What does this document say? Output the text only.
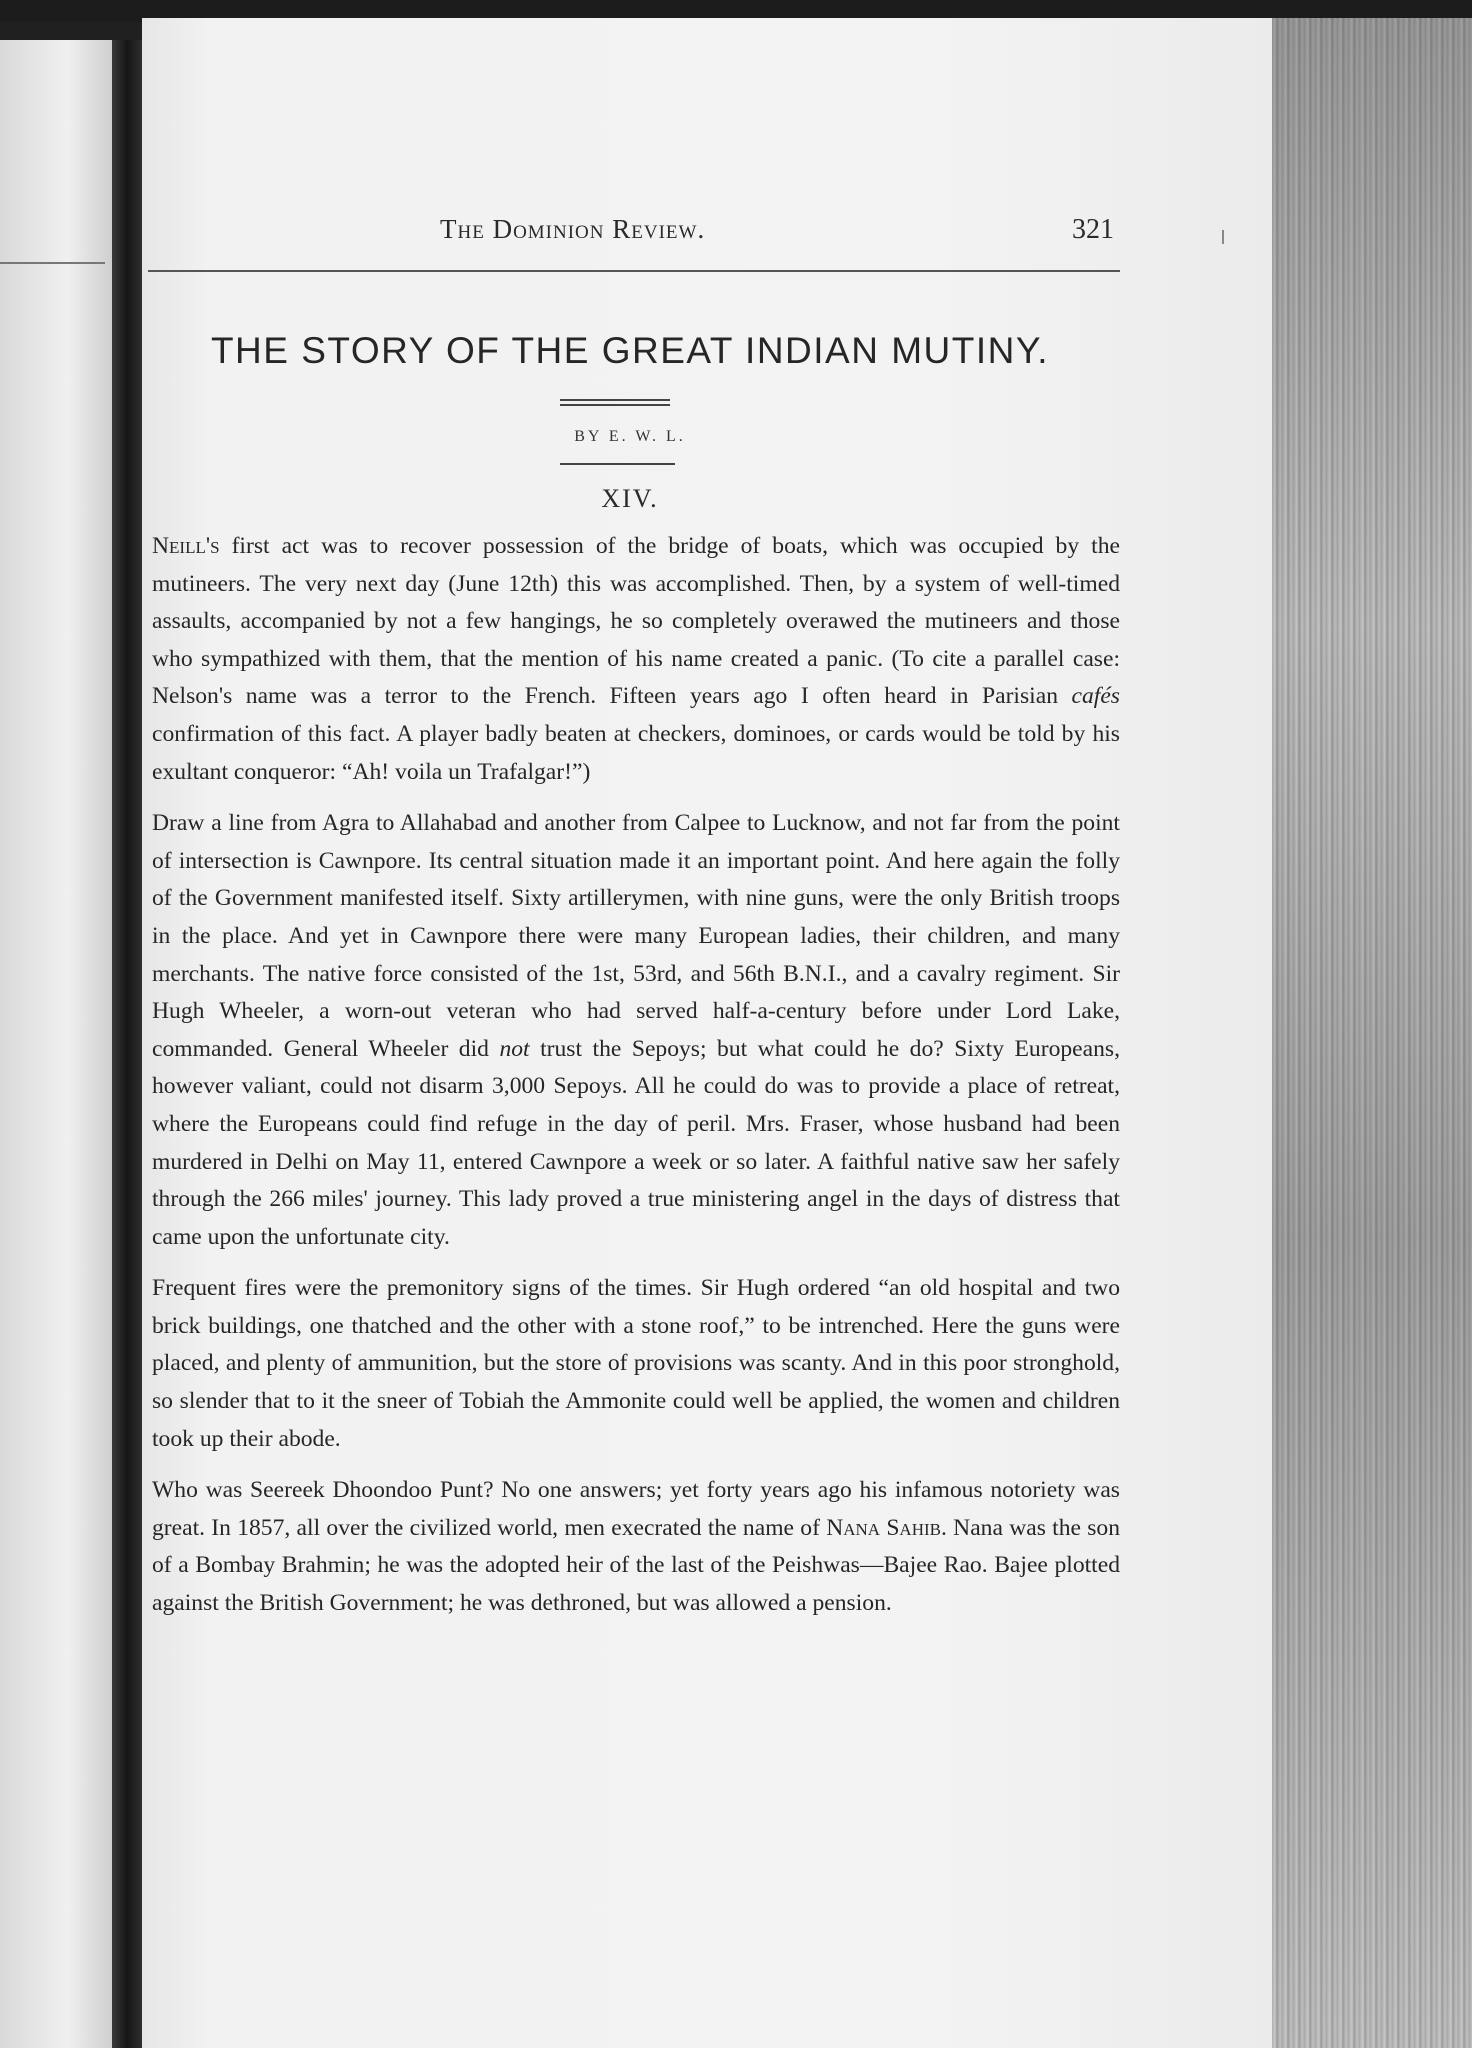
The Dominion Review.	321
THE STORY OF THE GREAT INDIAN MUTINY.
BY E. W. L.
XIV.

Neill's first act was to recover possession of the bridge of boats, which was occupied by the mutineers. The very next day (June 12th) this was accomplished. Then, by a system of well-timed assaults, accompanied by not a few hangings, he so completely overawed the mutineers and those who sympathized with them, that the mention of his name created a panic. (To cite a parallel case: Nelson's name was a terror to the French. Fifteen years ago I often heard in Parisian cafés confirmation of this fact. A player badly beaten at checkers, dominoes, or cards would be told by his exultant conqueror: “Ah! voila un Trafalgar!”)

Draw a line from Agra to Allahabad and another from Calpee to Lucknow, and not far from the point of intersection is Cawnpore. Its central situation made it an important point. And here again the folly of the Government manifested itself. Sixty artillerymen, with nine guns, were the only British troops in the place. And yet in Cawnpore there were many European ladies, their children, and many merchants. The native force consisted of the 1st, 53rd, and 56th B.N.I., and a cavalry regiment. Sir Hugh Wheeler, a worn-out veteran who had served half-a-century before under Lord Lake, commanded. General Wheeler did not trust the Sepoys; but what could he do? Sixty Europeans, however valiant, could not disarm 3,000 Sepoys. All he could do was to provide a place of retreat, where the Europeans could find refuge in the day of peril. Mrs. Fraser, whose husband had been murdered in Delhi on May 11, entered Cawnpore a week or so later. A faithful native saw her safely through the 266 miles' journey. This lady proved a true ministering angel in the days of distress that came upon the unfortunate city.

Frequent fires were the premonitory signs of the times. Sir Hugh ordered “an old hospital and two brick buildings, one thatched and the other with a stone roof,” to be intrenched. Here the guns were placed, and plenty of ammunition, but the store of provisions was scanty. And in this poor stronghold, so slender that to it the sneer of Tobiah the Ammonite could well be applied, the women and children took up their abode.

Who was Seereek Dhoondoo Punt? No one answers; yet forty years ago his infamous notoriety was great. In 1857, all over the civilized world, men execrated the name of Nana Sahib. Nana was the son of a Bombay Brahmin; he was the adopted heir of the last of the Peishwas—Bajee Rao. Bajee plotted against the British Government; he was dethroned, but was allowed a pension.
